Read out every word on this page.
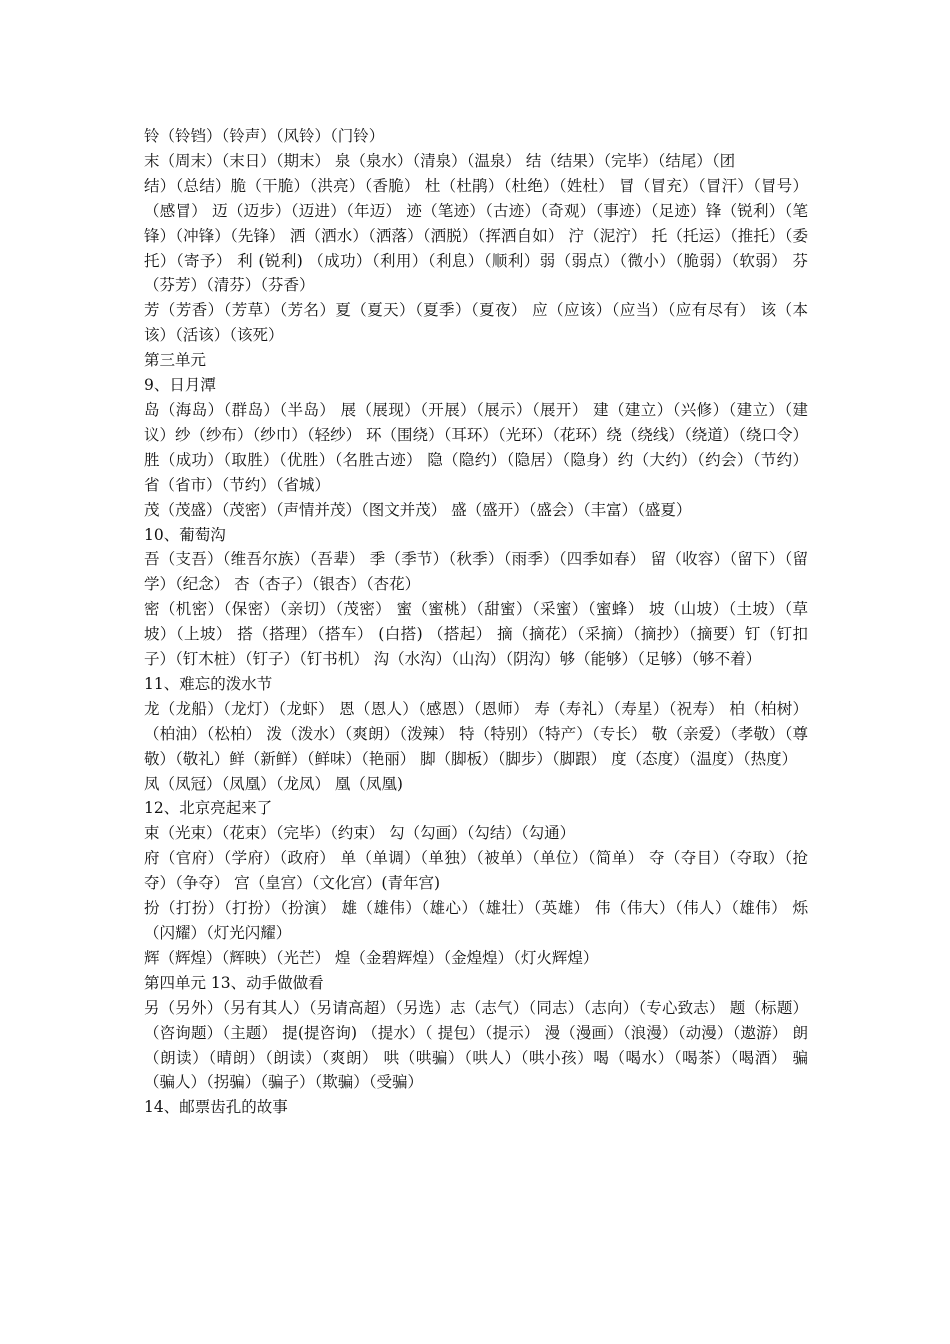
铃（铃铛）（铃声）（风铃）（门铃）

末（周末）（末日）（期末） 泉（泉水）（清泉）（温泉） 结（结果）（完毕）（结尾）（团

结）（总结）脆（干脆）（洪亮）（香脆） 杜（杜鹃）（杜绝）（姓杜） 冒（冒充）（冒汗）（冒号）（感冒） 迈（迈步）（迈进）（年迈） 迹（笔迹）（古迹）（奇观）（事迹）（足迹）锋（锐利）（笔锋）（冲锋）（先锋） 洒（洒水）（洒落）（洒脱）（挥洒自如） 泞（泥泞） 托（托运）（推托）（委托）（寄予） 利 (锐利) （成功）（利用）（利息）（顺利）弱（弱点）（微小）（脆弱）（软弱） 芬（芬芳）（清芬）（芬香）

芳（芳香）（芳草）（芳名）夏（夏天）（夏季）（夏夜） 应（应该）（应当）（应有尽有） 该（本该）（活该）（该死）

第三单元

9、日月潭

岛（海岛）（群岛）（半岛） 展（展现）（开展）（展示）（展开） 建（建立）（兴修）（建立）（建议）纱（纱布）（纱巾）（轻纱） 环（围绕）（耳环）（光环）（花环）绕（绕线）（绕道）（绕口令） 胜（成功）（取胜）（优胜）（名胜古迹） 隐（隐约）（隐居）（隐身）约（大约）（约会）（节约） 省（省市）（节约）（省城）

茂（茂盛）（茂密）（声情并茂）（图文并茂） 盛（盛开）（盛会）（丰富）（盛夏）

10、葡萄沟

吾（支吾）（维吾尔族）（吾辈） 季（季节）（秋季）（雨季）（四季如春） 留（收容）（留下）（留学）（纪念） 杏（杏子）（银杏）（杏花）

密（机密）（保密）（亲切）（茂密） 蜜（蜜桃）（甜蜜）（采蜜）（蜜蜂） 坡（山坡）（土坡）（草坡）（上坡） 搭（搭理）（搭车） (白搭) （搭起） 摘（摘花）（采摘）（摘抄）（摘要）钉（钉扣子）（钉木桩）（钉子）（钉书机） 沟（水沟）（山沟）（阴沟）够（能够）（足够）（够不着）

11、难忘的泼水节

龙（龙船）（龙灯）（龙虾） 恩（恩人）（感恩）（恩师） 寿（寿礼）（寿星）（祝寿） 柏（柏树）（柏油）（松柏） 泼（泼水）（爽朗）（泼辣） 特（特别）（特产）（专长） 敬（亲爱）（孝敬）（尊敬）（敬礼）鲜（新鲜）（鲜味）（艳丽） 脚（脚板）（脚步）（脚跟） 度（态度）（温度）（热度）

凤（凤冠）（凤凰）（龙凤） 凰（凤凰)

12、北京亮起来了

束（光束）（花束）（完毕）（约束） 勾（勾画）（勾结）（勾通）

府（官府）（学府）（政府） 单（单调）（单独）（被单）（单位）（简单） 夺（夺目）（夺取）（抢夺）（争夺） 宫（皇宫）（文化宫）(青年宫)

扮（打扮）（打扮）（扮演） 雄（雄伟）（雄心）（雄壮）（英雄） 伟（伟大）（伟人）（雄伟） 烁（闪耀）（灯光闪耀）

辉（辉煌）（辉映）（光芒） 煌（金碧辉煌）（金煌煌）（灯火辉煌）

第四单元 13、动手做做看

另（另外）（另有其人）（另请高超）（另选）志（志气）（同志）（志向）（专心致志） 题（标题）（咨询题）（主题） 提(提咨询) （提水）（ 提包）（提示） 漫（漫画）（浪漫）（动漫）（遨游） 朗（朗读）（晴朗）（朗读）（爽朗） 哄（哄骗）（哄人）（哄小孩）喝（喝水）（喝茶）（喝酒） 骗（骗人）（拐骗）（骗子）（欺骗）（受骗）

14、邮票齿孔的故事
